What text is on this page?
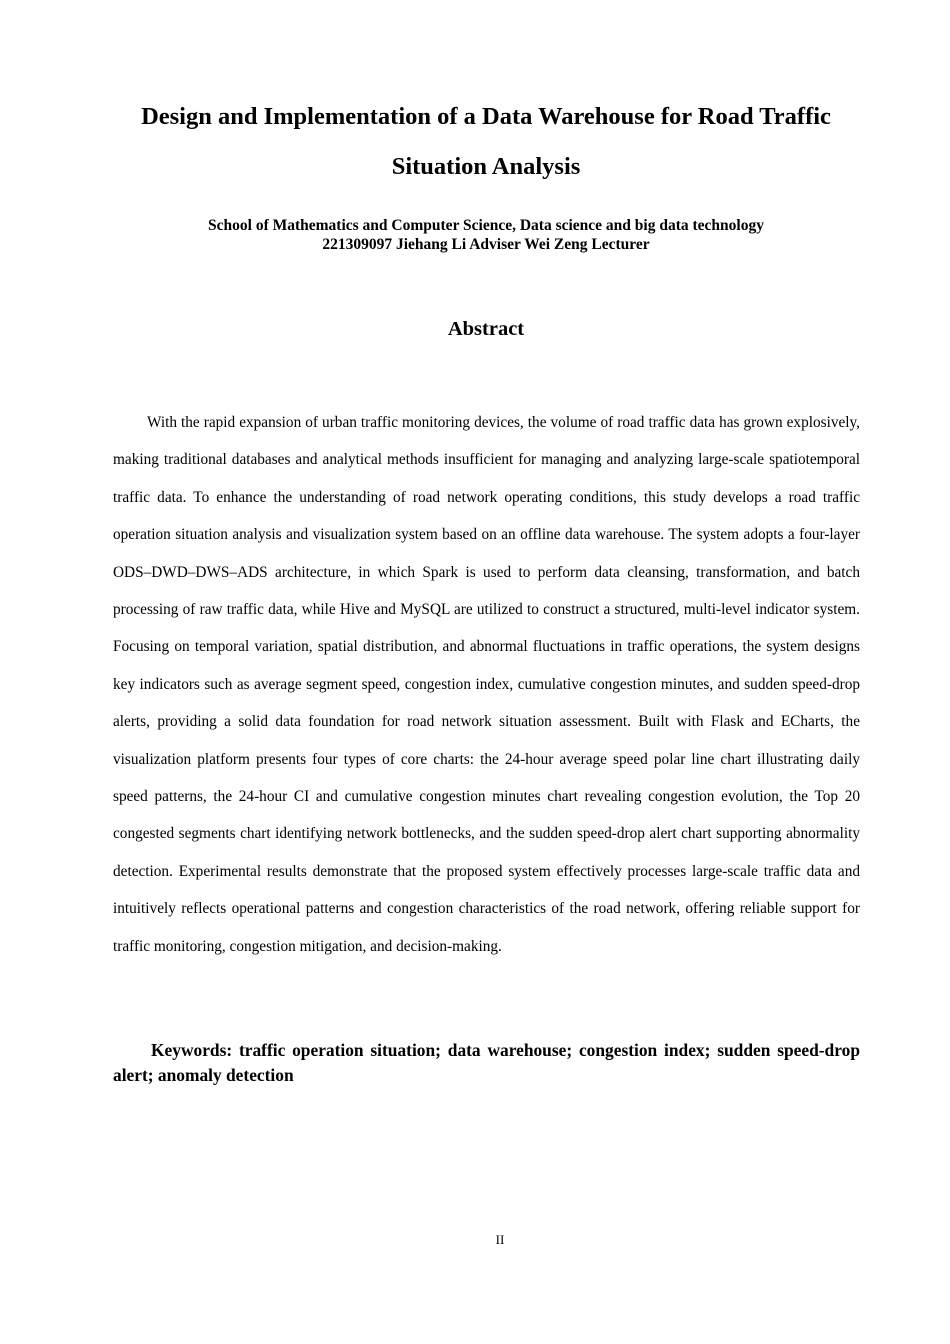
Design and Implementation of a Data Warehouse for Road Traffic Situation Analysis
School of Mathematics and Computer Science, Data science and big data technology
221309097 Jiehang Li Adviser Wei Zeng Lecturer
Abstract

With the rapid expansion of urban traffic monitoring devices, the volume of road traffic data has grown explosively, making traditional databases and analytical methods insufficient for managing and analyzing large-scale spatiotemporal traffic data. To enhance the understanding of road network operating conditions, this study develops a road traffic operation situation analysis and visualization system based on an offline data warehouse. The system adopts a four-layer ODS–DWD–DWS–ADS architecture, in which Spark is used to perform data cleansing, transformation, and batch processing of raw traffic data, while Hive and MySQL are utilized to construct a structured, multi-level indicator system. Focusing on temporal variation, spatial distribution, and abnormal fluctuations in traffic operations, the system designs key indicators such as average segment speed, congestion index, cumulative congestion minutes, and sudden speed-drop alerts, providing a solid data foundation for road network situation assessment. Built with Flask and ECharts, the visualization platform presents four types of core charts: the 24-hour average speed polar line chart illustrating daily speed patterns, the 24-hour CI and cumulative congestion minutes chart revealing congestion evolution, the Top 20 congested segments chart identifying network bottlenecks, and the sudden speed-drop alert chart supporting abnormality detection. Experimental results demonstrate that the proposed system effectively processes large-scale traffic data and intuitively reflects operational patterns and congestion characteristics of the road network, offering reliable support for traffic monitoring, congestion mitigation, and decision-making.

Keywords: traffic operation situation; data warehouse; congestion index; sudden speed-drop alert; anomaly detection

II
